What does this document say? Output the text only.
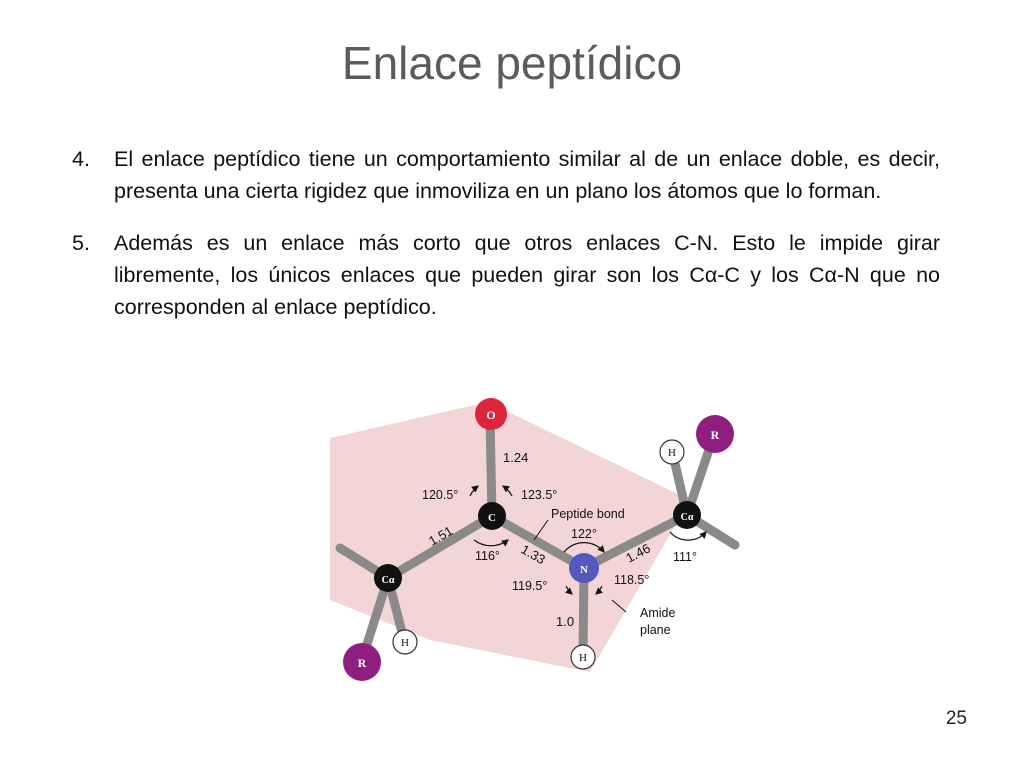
Enlace peptídico
4. El enlace peptídico tiene un comportamiento similar al de un enlace doble, es decir, presenta una cierta rigidez que inmoviliza en un plano los átomos que lo forman.
5. Además es un enlace más corto que otros enlaces C-N. Esto le impide girar libremente, los únicos enlaces que pueden girar son los Cα-C y los Cα-N que no corresponden al enlace peptídico.
O
C
N
Cα
Cα
R
R
H
H
H
1.24
1.51
1.33	1.46
1.0
120.5°	123.5°
116°
122°
119.5°	118.5°
111°
Peptide bond
Amide
plane
25
